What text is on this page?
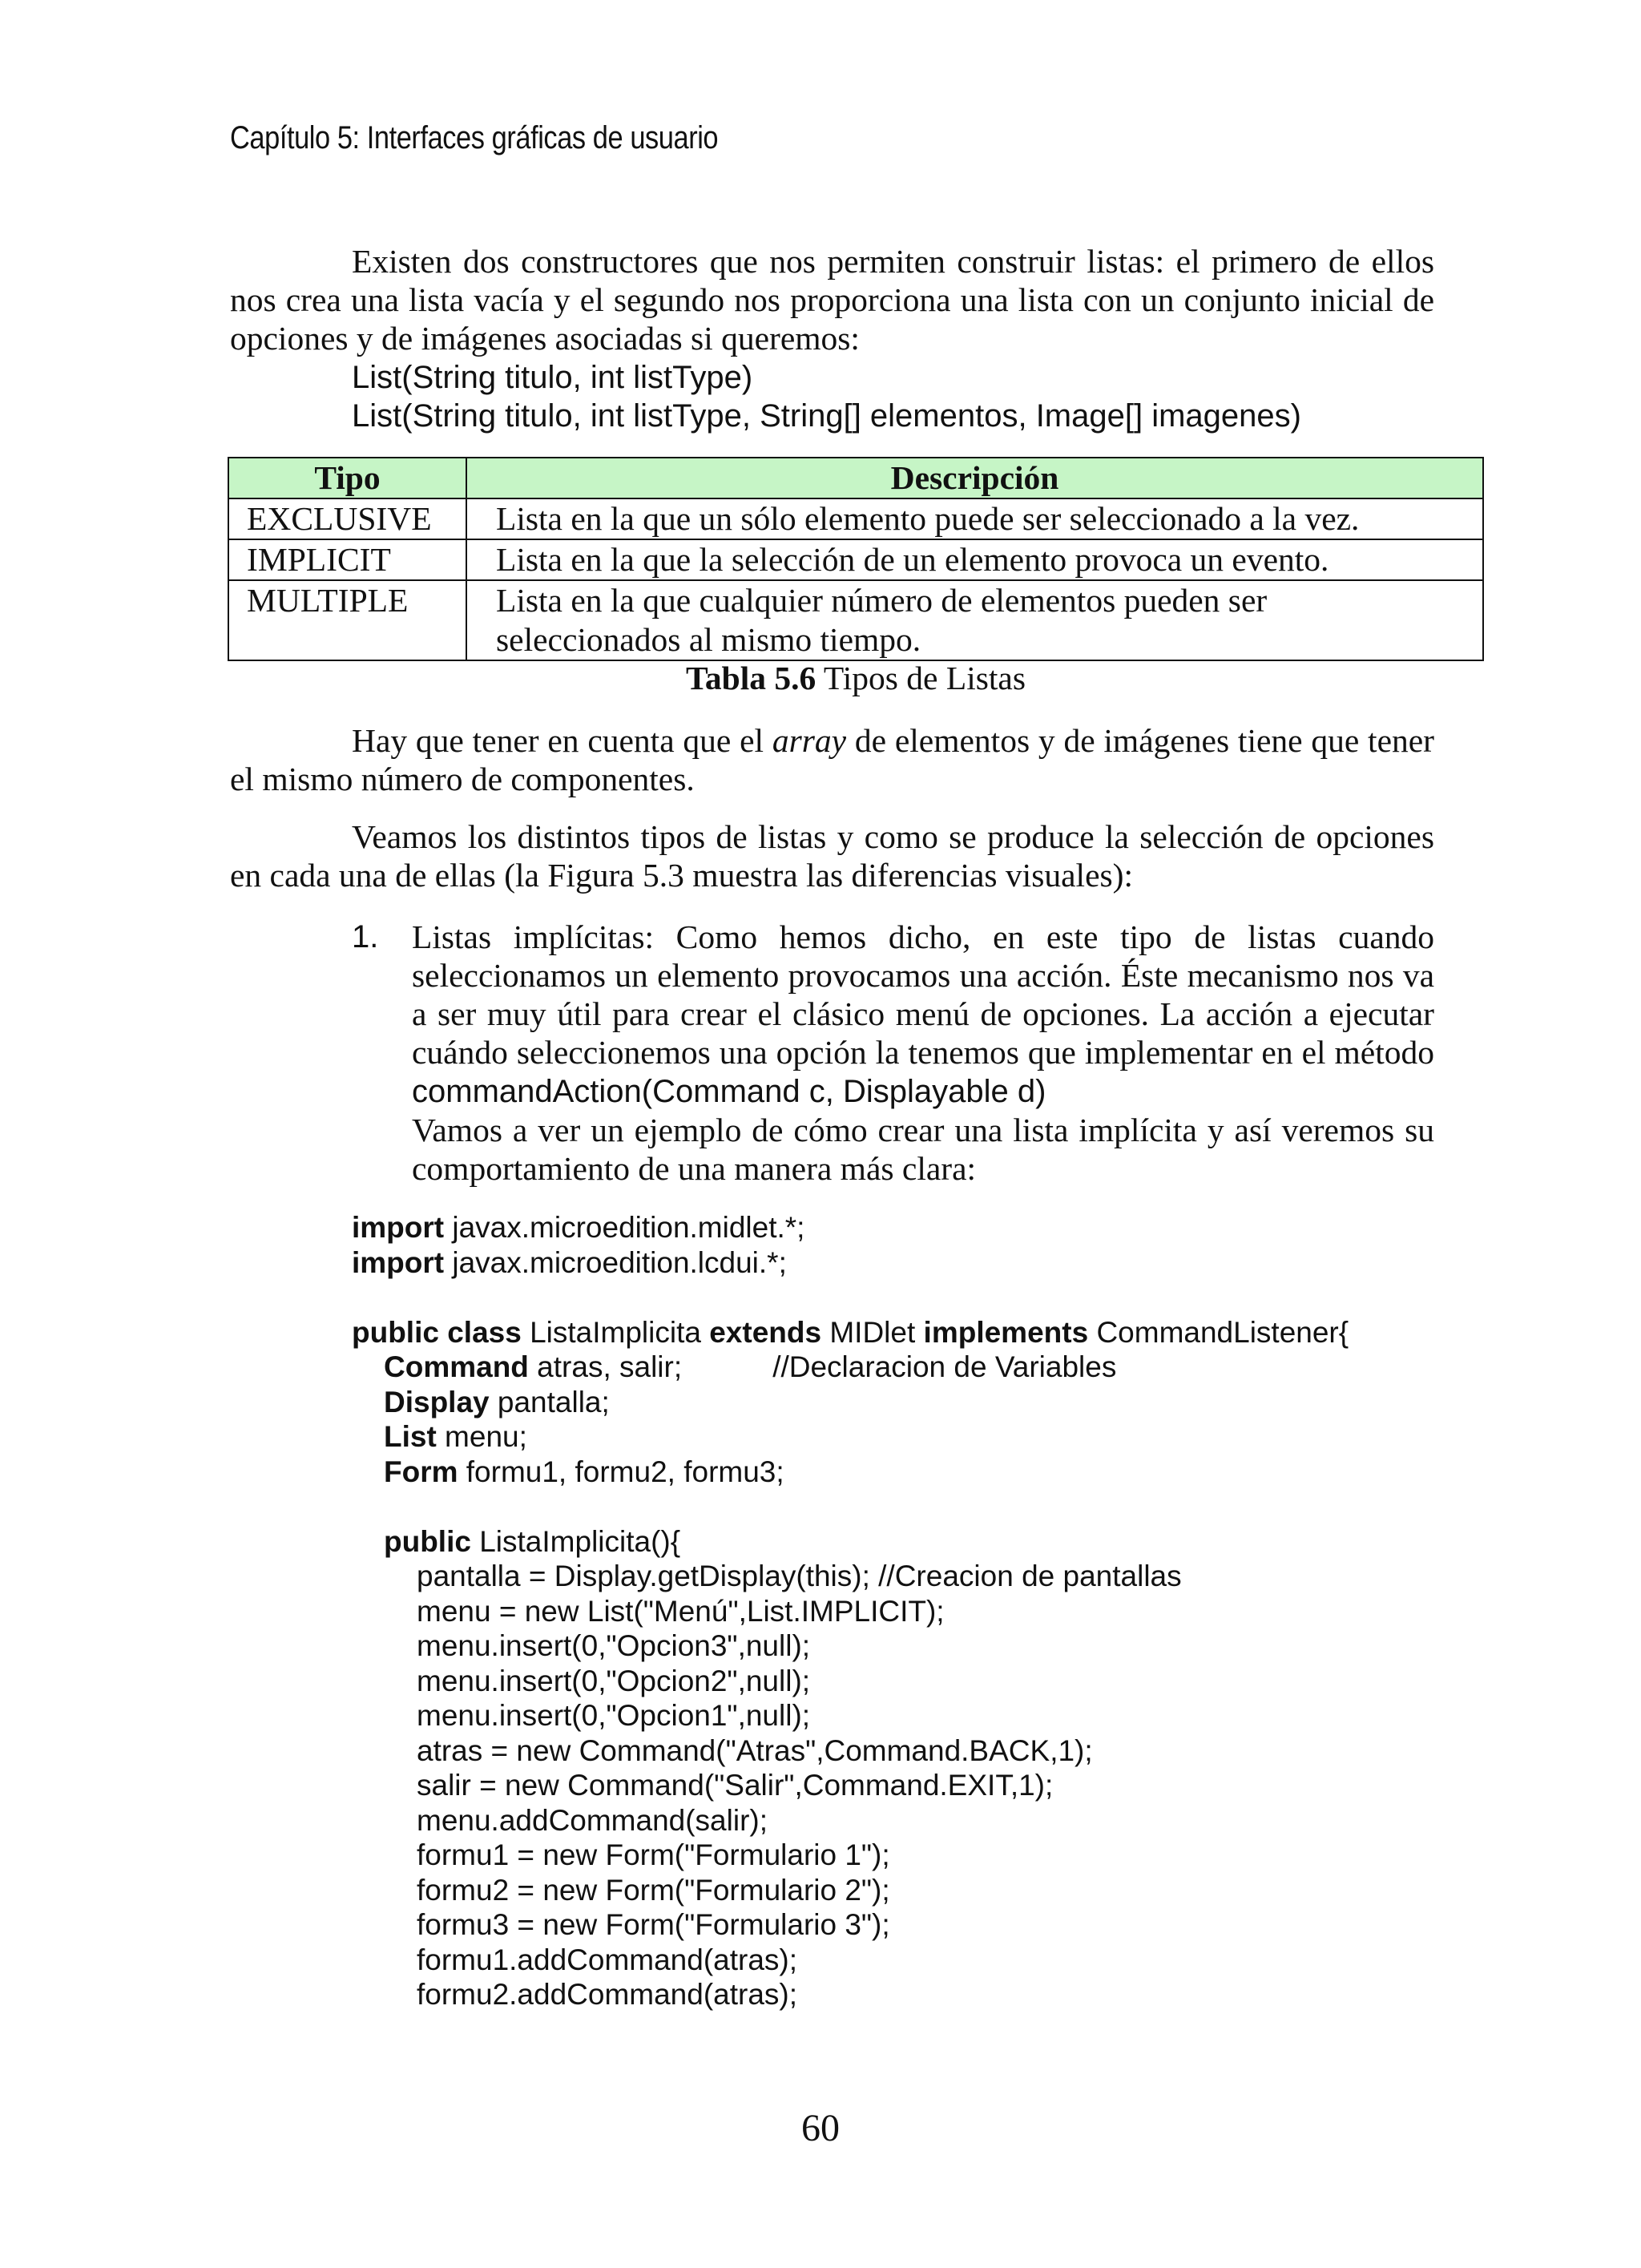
Capítulo 5: Interfaces gráficas de usuario

Existen dos constructores que nos permiten construir listas: el primero de ellos nos crea una lista vacía y el segundo nos proporciona una lista con un conjunto inicial de opciones y de imágenes asociadas si queremos:

List(String titulo, int listType)
List(String titulo, int listType, String[] elementos, Image[] imagenes)
Tipo	Descripción
EXCLUSIVE	Lista en la que un sólo elemento puede ser seleccionado a la vez.
IMPLICIT	Lista en la que la selección de un elemento provoca un evento.
MULTIPLE	Lista en la que cualquier número de elementos pueden ser seleccionados al mismo tiempo.
Tabla 5.6 Tipos de Listas

Hay que tener en cuenta que el array de elementos y de imágenes tiene que tener el mismo número de componentes.

Veamos los distintos tipos de listas y como se produce la selección de opciones en cada una de ellas (la Figura 5.3 muestra las diferencias visuales):

1. Listas implícitas: Como hemos dicho, en este tipo de listas cuando seleccionamos un elemento provocamos una acción. Éste mecanismo nos va a ser muy útil para crear el clásico menú de opciones. La acción a ejecutar cuándo seleccionemos una opción la tenemos que implementar en el método commandAction(Command c, Displayable d)
Vamos a ver un ejemplo de cómo crear una lista implícita y así veremos su comportamiento de una manera más clara:

import javax.microedition.midlet.*;
import javax.microedition.lcdui.*;
public class ListaImplicita extends MIDlet implements CommandListener{
Command atras, salir;           //Declaracion de Variables
Display pantalla;
List menu;
Form formu1, formu2, formu3;
public ListaImplicita(){
pantalla = Display.getDisplay(this); //Creacion de pantallas
menu = new List("Menú",List.IMPLICIT);
menu.insert(0,"Opcion3",null);
menu.insert(0,"Opcion2",null);
menu.insert(0,"Opcion1",null);
atras = new Command("Atras",Command.BACK,1);
salir = new Command("Salir",Command.EXIT,1);
menu.addCommand(salir);
formu1 = new Form("Formulario 1");
formu2 = new Form("Formulario 2");
formu3 = new Form("Formulario 3");
formu1.addCommand(atras);
formu2.addCommand(atras);
60
